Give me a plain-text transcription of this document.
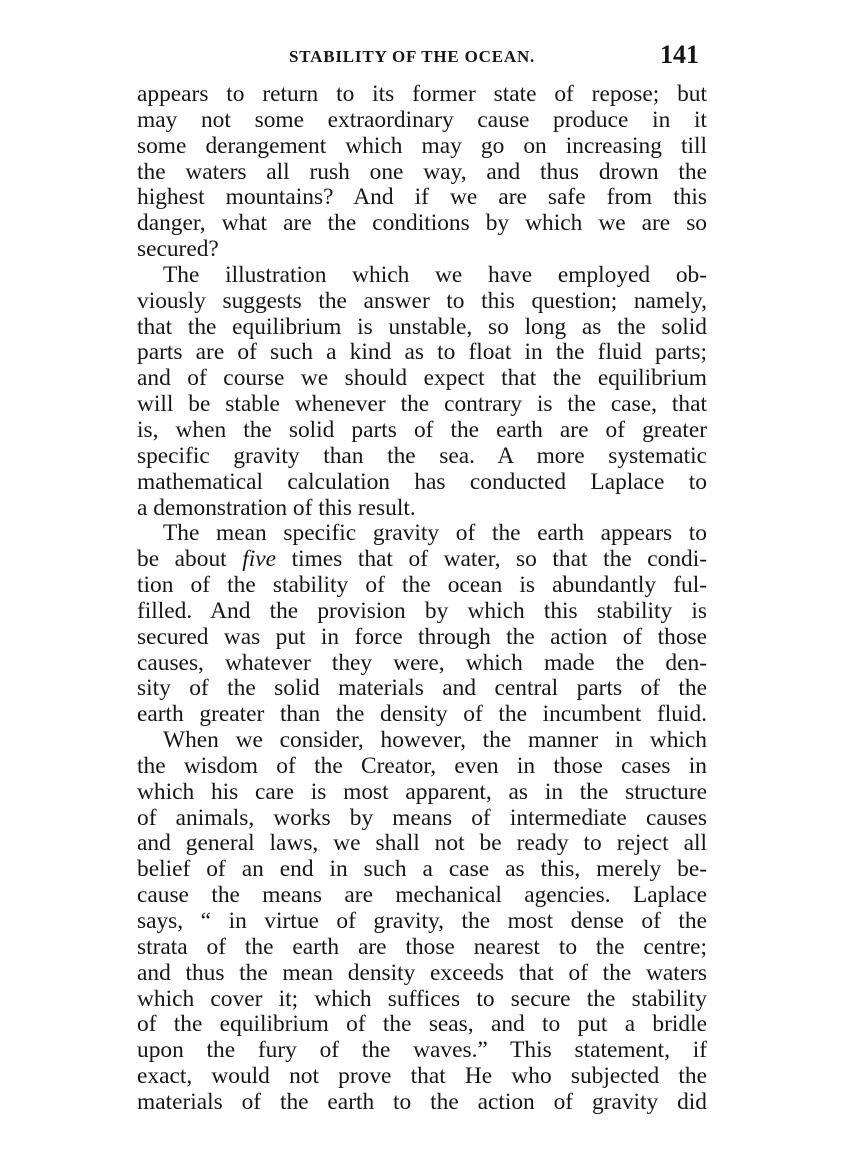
STABILITY OF THE OCEAN.	141
appears to return to its former state of repose; but
may not some extraordinary cause produce in it
some derangement which may go on increasing till
the waters all rush one way, and thus drown the
highest mountains? And if we are safe from this
danger, what are the conditions by which we are so
secured?
The illustration which we have employed ob-
viously suggests the answer to this question; namely,
that the equilibrium is unstable, so long as the solid
parts are of such a kind as to float in the fluid parts;
and of course we should expect that the equilibrium
will be stable whenever the contrary is the case, that
is, when the solid parts of the earth are of greater
specific gravity than the sea. A more systematic
mathematical calculation has conducted Laplace to
a demonstration of this result.
The mean specific gravity of the earth appears to
be about five times that of water, so that the condi-
tion of the stability of the ocean is abundantly ful-
filled. And the provision by which this stability is
secured was put in force through the action of those
causes, whatever they were, which made the den-
sity of the solid materials and central parts of the
earth greater than the density of the incumbent fluid.
When we consider, however, the manner in which
the wisdom of the Creator, even in those cases in
which his care is most apparent, as in the structure
of animals, works by means of intermediate causes
and general laws, we shall not be ready to reject all
belief of an end in such a case as this, merely be-
cause the means are mechanical agencies. Laplace
says, “ in virtue of gravity, the most dense of the
strata of the earth are those nearest to the centre;
and thus the mean density exceeds that of the waters
which cover it; which suffices to secure the stability
of the equilibrium of the seas, and to put a bridle
upon the fury of the waves.” This statement, if
exact, would not prove that He who subjected the
materials of the earth to the action of gravity did
